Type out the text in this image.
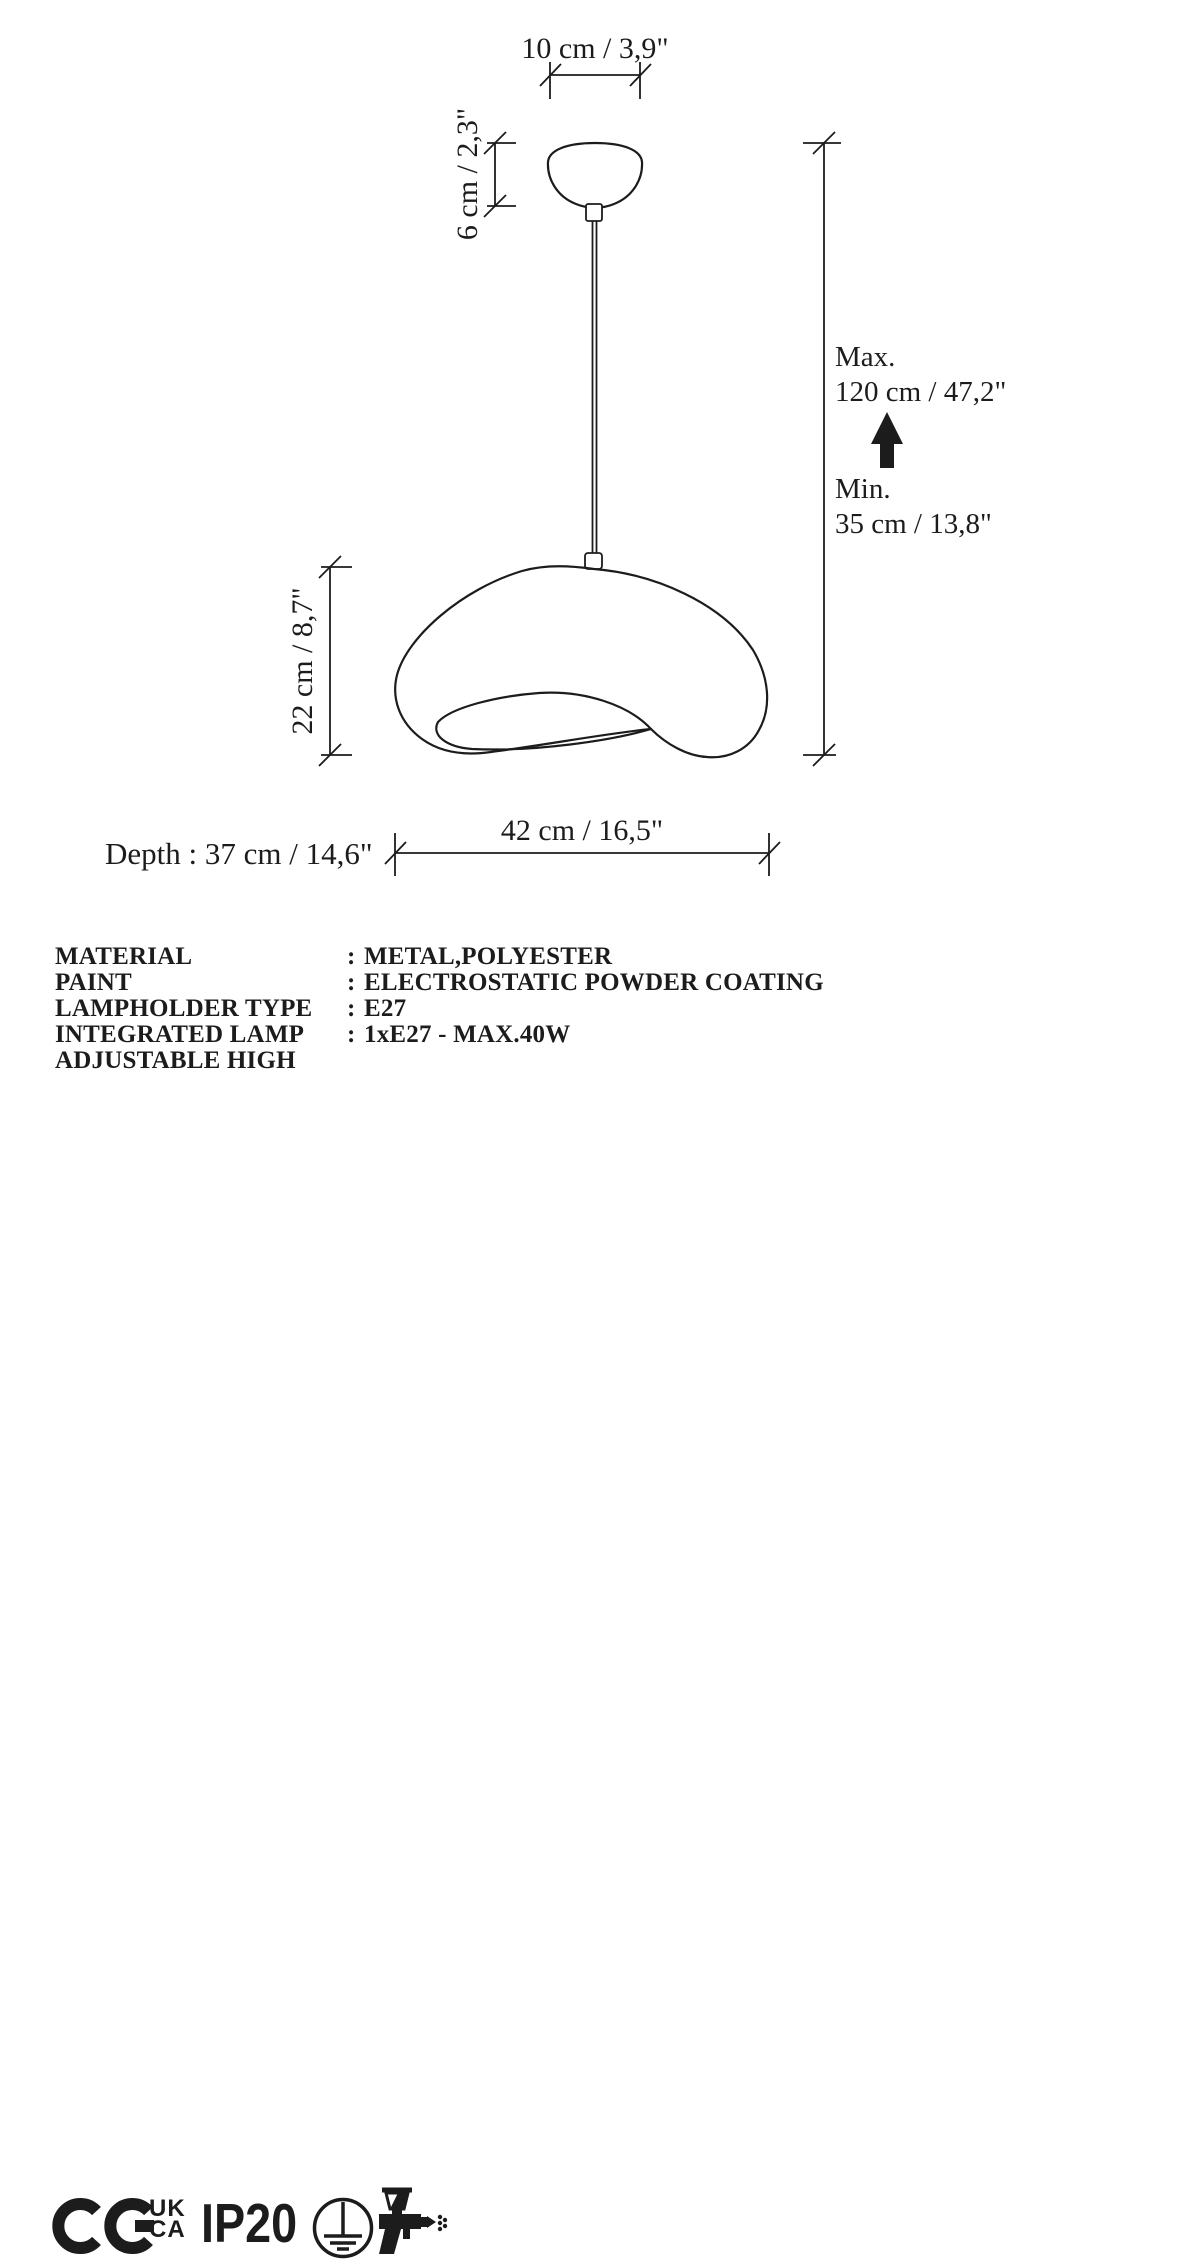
10 cm / 3,9"
6 cm / 2,3"
Max.
120 cm / 47,2"
Min.
35 cm / 13,8"
22 cm / 8,7"
42 cm / 16,5"
Depth : 37 cm / 14,6"
MATERIAL	: METAL,POLYESTER
PAINT	: ELECTROSTATIC POWDER COATING
LAMPHOLDER TYPE	: E27
INTEGRATED LAMP	: 1xE27 - MAX.40W
ADJUSTABLE HIGH
UK
CA IP20
